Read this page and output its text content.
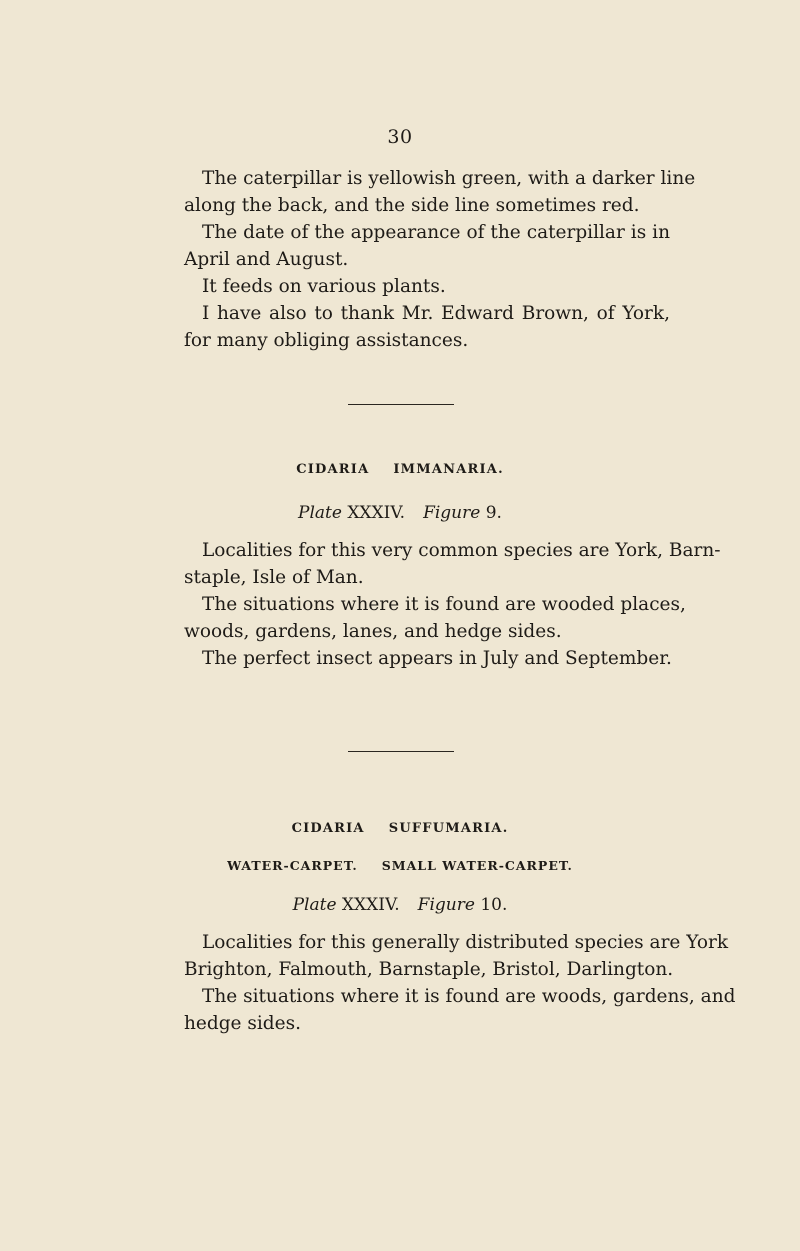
30
The caterpillar is yellowish green, with a darker line
along the back, and the side line sometimes red.
The date of the appearance of the caterpillar is in
April and August.
It feeds on various plants.
I have also to thank Mr. Edward Brown, of York,
for many obliging assistances.
CIDARIA IMMANARIA.
Plate XXXIV. Figure 9.
Localities for this very common species are York, Barn-
staple, Isle of Man.
The situations where it is found are wooded places,
woods, gardens, lanes, and hedge sides.
The perfect insect appears in July and September.
CIDARIA SUFFUMARIA.
WATER-CARPET. SMALL WATER-CARPET.
Plate XXXIV. Figure 10.
Localities for this generally distributed species are York
Brighton, Falmouth, Barnstaple, Bristol, Darlington.
The situations where it is found are woods, gardens, and
hedge sides.
